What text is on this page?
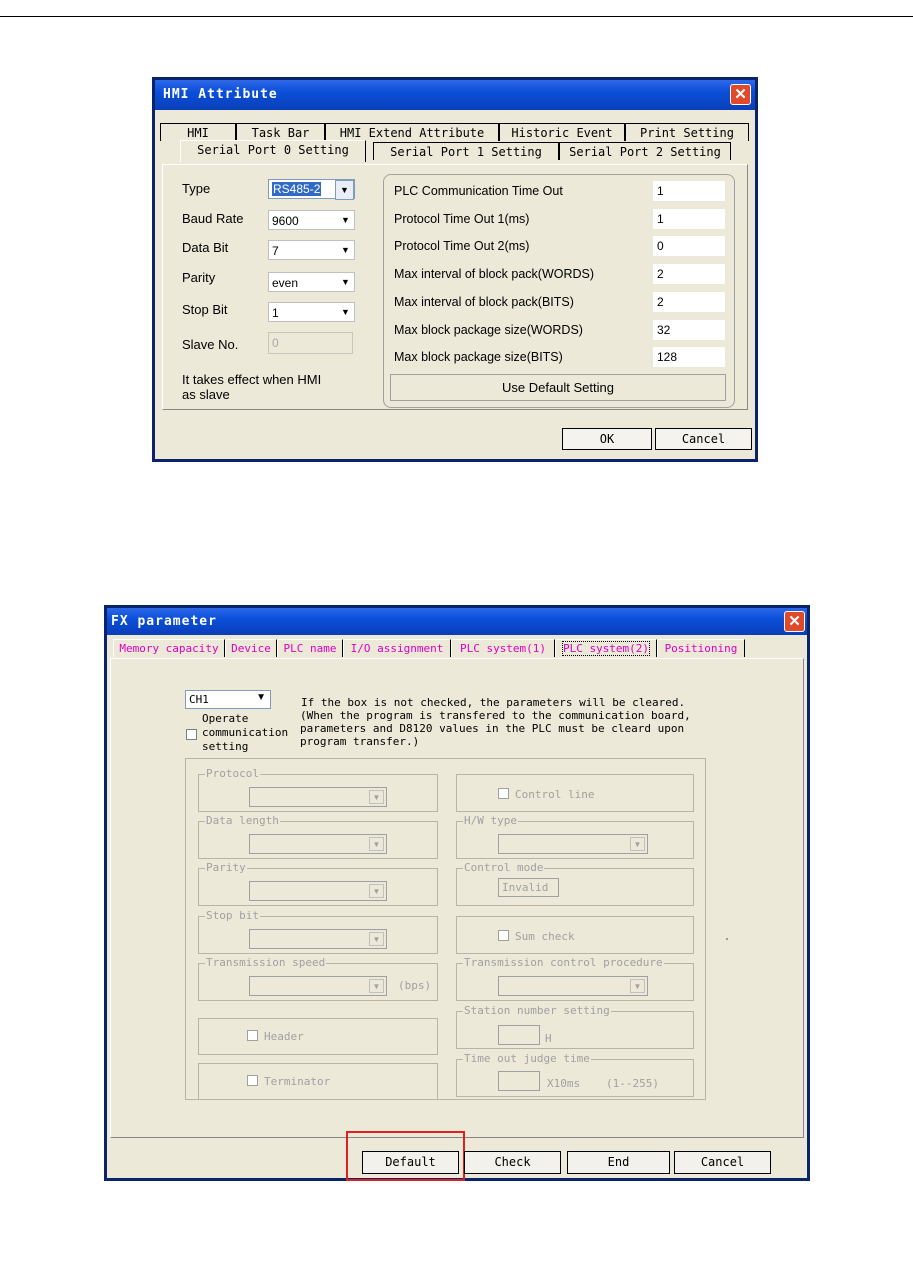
HMI Attribute	✕
HMI	Task Bar	HMI Extend Attribute	Historic Event	Print Setting
Serial Port 1 Setting	Serial Port 2 Setting
Serial Port 0 Setting
Type	RS485-2	▼
Baud Rate 9600	▼
Data Bit	7	▼
Parity	even	▼
Stop Bit	1	▼
Slave No.	0
It takes effect when HMI as slave
PLC Communication Time Out	1
Protocol Time Out 1(ms)	1
Protocol Time Out 2(ms)	0
Max interval of block pack(WORDS)	2
Max interval of block pack(BITS)	2
Max block package size(WORDS)	32
Max block package size(BITS)	128
Use Default Setting
OK	Cancel
FX parameter	✕
Memory capacity	Device	PLC name	I/O assignment	PLC system(1)	PLC system(2)	Positioning
CH1	▼
Operate communication setting
If the box is not checked, the parameters will be cleared.
(When the program is transfered to the communication board,
parameters and D8120 values in the PLC must be cleard upon
program transfer.)
Protocol
▼
Data length
▼
Parity
▼
Stop bit
▼
Transmission speed
▼	(bps)
Header
Terminator
Control line
H/W type
▼
Control mode
Invalid
Sum check
Transmission control procedure
▼
Station number setting
H
Time out judge time
X10ms (1--255)
Default	Check	End	Cancel
